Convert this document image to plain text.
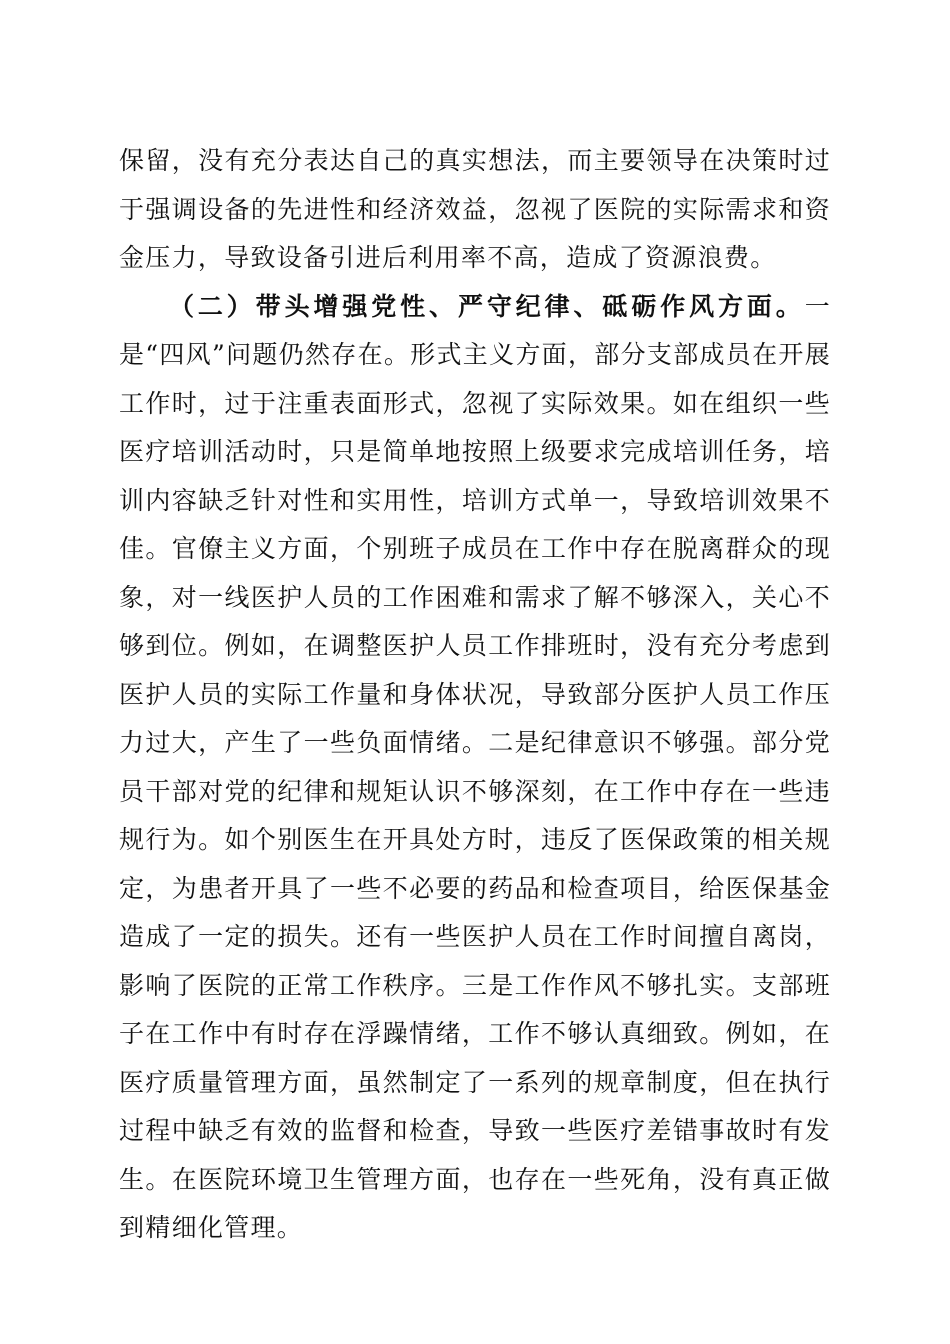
保留，没有充分表达自己的真实想法，而主要领导在决策时过于强调设备的先进性和经济效益，忽视了医院的实际需求和资金压力，导致设备引进后利用率不高，造成了资源浪费。

（二）带头增强党性、严守纪律、砥砺作风方面。一是“四风”问题仍然存在。形式主义方面，部分支部成员在开展工作时，过于注重表面形式，忽视了实际效果。如在组织一些医疗培训活动时，只是简单地按照上级要求完成培训任务，培训内容缺乏针对性和实用性，培训方式单一，导致培训效果不佳。官僚主义方面，个别班子成员在工作中存在脱离群众的现象，对一线医护人员的工作困难和需求了解不够深入，关心不够到位。例如，在调整医护人员工作排班时，没有充分考虑到医护人员的实际工作量和身体状况，导致部分医护人员工作压力过大，产生了一些负面情绪。二是纪律意识不够强。部分党员干部对党的纪律和规矩认识不够深刻，在工作中存在一些违规行为。如个别医生在开具处方时，违反了医保政策的相关规定，为患者开具了一些不必要的药品和检查项目，给医保基金造成了一定的损失。还有一些医护人员在工作时间擅自离岗，影响了医院的正常工作秩序。三是工作作风不够扎实。支部班子在工作中有时存在浮躁情绪，工作不够认真细致。例如，在医疗质量管理方面，虽然制定了一系列的规章制度，但在执行过程中缺乏有效的监督和检查，导致一些医疗差错事故时有发生。在医院环境卫生管理方面，也存在一些死角，没有真正做到精细化管理。
